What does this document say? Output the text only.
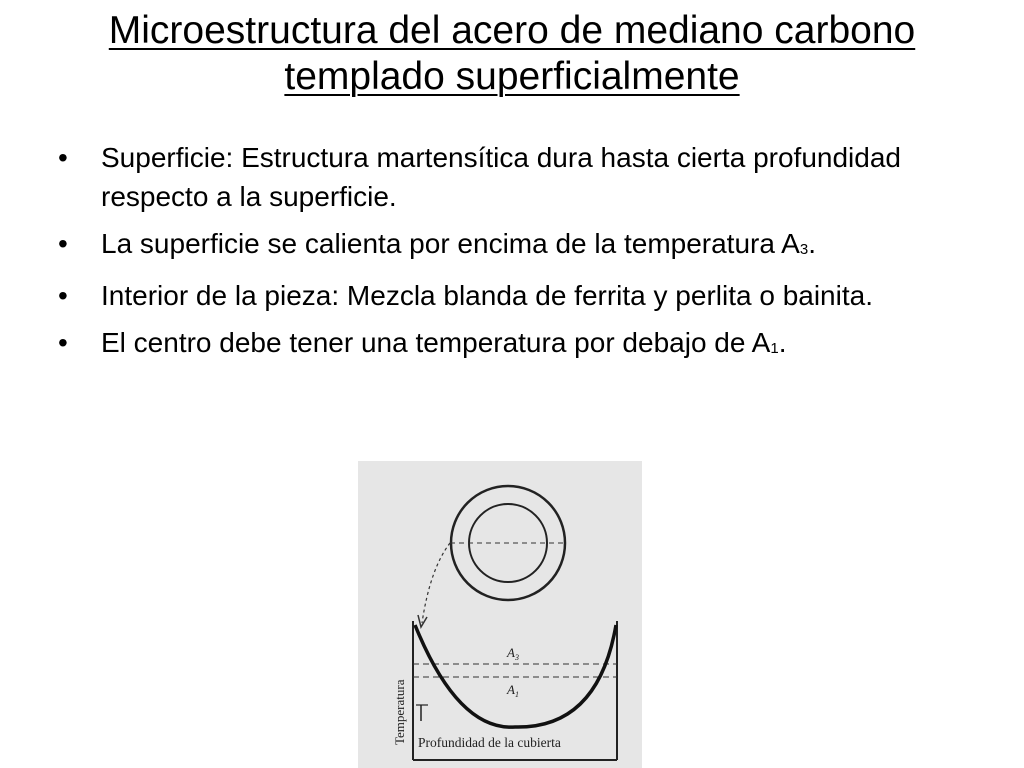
Microestructura del acero de mediano carbono
templado superficialmente
• Superficie: Estructura martensítica dura hasta cierta profundidad respecto a la superficie.
• La superficie se calienta por encima de la temperatura A3.
• Interior de la pieza: Mezcla blanda de ferrita y perlita o bainita.
• El centro debe tener una temperatura por debajo de A1.
$A_3$
$A_1$
Temperatura Profundidad de la cubierta
